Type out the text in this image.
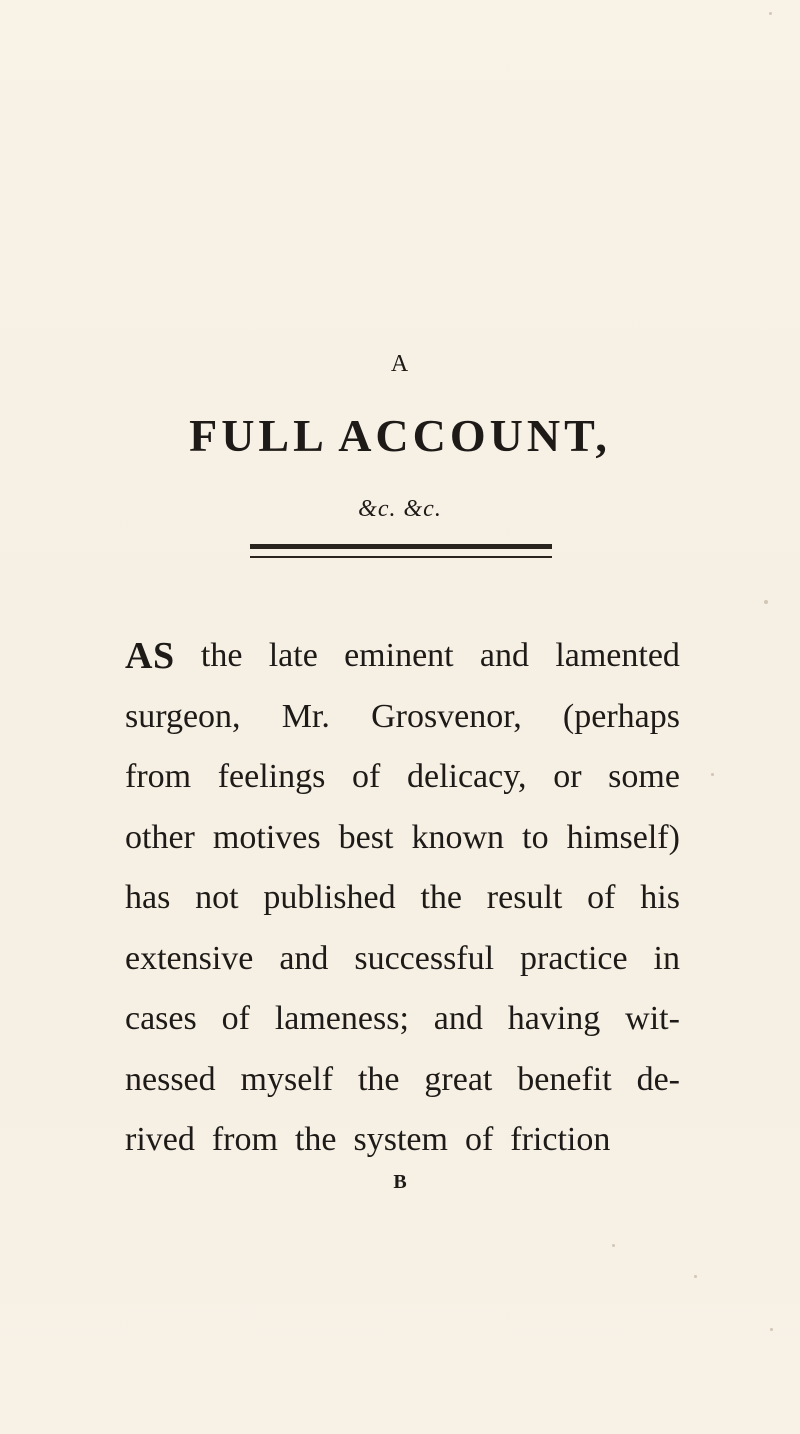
A
FULL ACCOUNT,
&c. &c.
AS the late eminent and lamented
surgeon, Mr. Grosvenor, (perhaps
from feelings of delicacy, or some
other motives best known to himself)
has not published the result of his
extensive and successful practice in
cases of lameness; and having wit-
nessed myself the great benefit de-
rived from the system of friction
B
